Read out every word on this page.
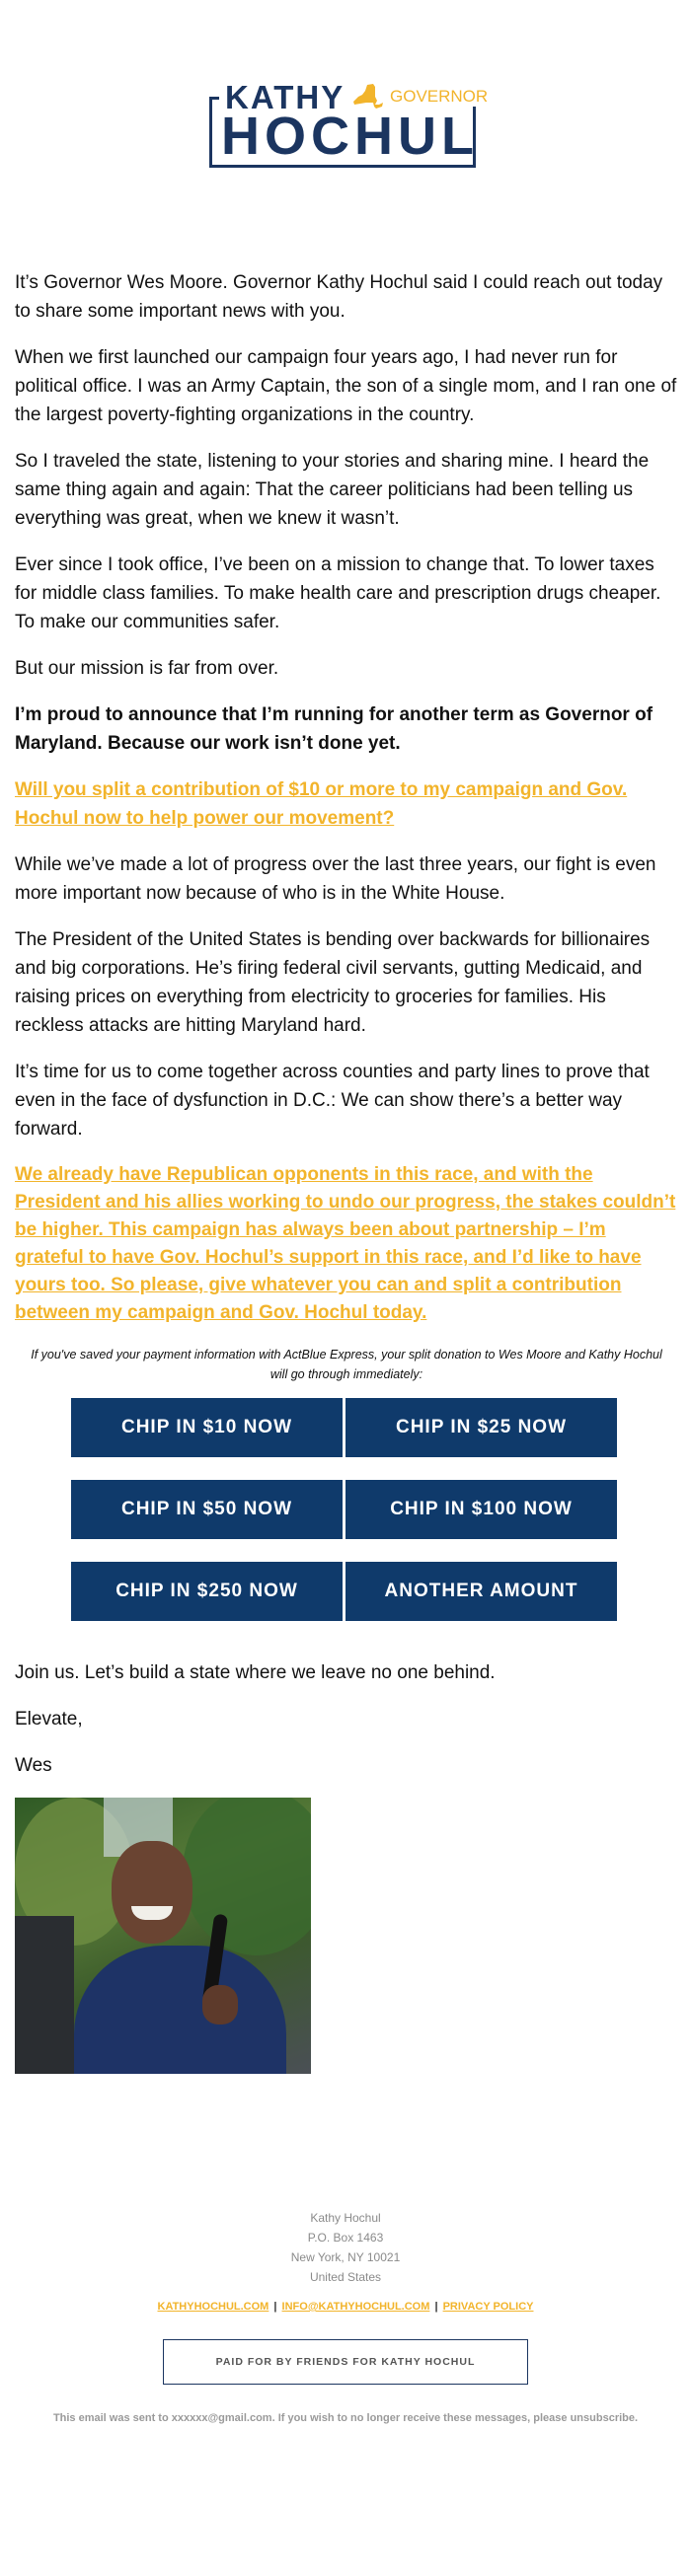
KATHY	GOVERNOR
HOCHUL

It’s Governor Wes Moore. Governor Kathy Hochul said I could reach out today to share some important news with you.

When we first launched our campaign four years ago, I had never run for political office. I was an Army Captain, the son of a single mom, and I ran one of the largest poverty-fighting organizations in the country.

So I traveled the state, listening to your stories and sharing mine. I heard the same thing again and again: That the career politicians had been telling us everything was great, when we knew it wasn’t.

Ever since I took office, I’ve been on a mission to change that. To lower taxes for middle class families. To make health care and prescription drugs cheaper. To make our communities safer.

But our mission is far from over.

I’m proud to announce that I’m running for another term as Governor of Maryland. Because our work isn’t done yet.

Will you split a contribution of $10 or more to my campaign and Gov. Hochul now to help power our movement?

While we’ve made a lot of progress over the last three years, our fight is even more important now because of who is in the White House.

The President of the United States is bending over backwards for billionaires and big corporations. He’s firing federal civil servants, gutting Medicaid, and raising prices on everything from electricity to groceries for families. His reckless attacks are hitting Maryland hard.

It’s time for us to come together across counties and party lines to prove that even in the face of dysfunction in D.C.: We can show there’s a better way forward.

We already have Republican opponents in this race, and with the President and his allies working to undo our progress, the stakes couldn’t be higher. This campaign has always been about partnership – I’m grateful to have Gov. Hochul’s support in this race, and I’d like to have yours too. So please, give whatever you can and split a contribution between my campaign and Gov. Hochul today.

If you've saved your payment information with ActBlue Express, your split donation to Wes Moore and Kathy Hochul will go through immediately:
CHIP IN $10 NOW	CHIP IN $25 NOW
CHIP IN $50 NOW	CHIP IN $100 NOW
CHIP IN $250 NOW	ANOTHER AMOUNT

Join us. Let’s build a state where we leave no one behind.

Elevate,

Wes

Kathy Hochul
P.O. Box 1463
New York, NY 10021
United States
KATHYHOCHUL.COM | INFO@KATHYHOCHUL.COM | PRIVACY POLICY
PAID FOR BY FRIENDS FOR KATHY HOCHUL
This email was sent to xxxxxx@gmail.com. If you wish to no longer receive these messages, please unsubscribe.
